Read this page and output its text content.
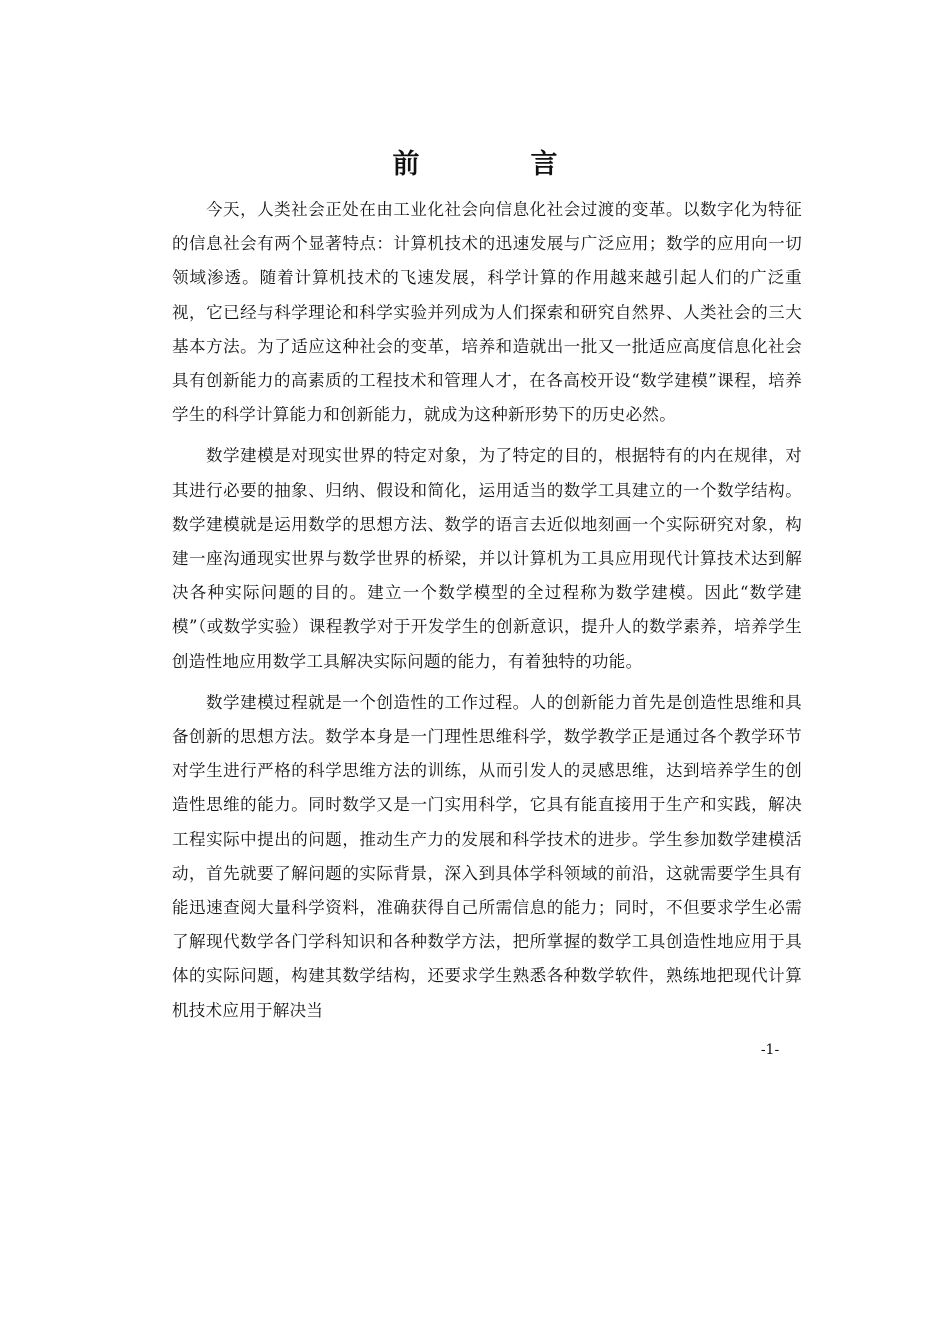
前　言

今天，人类社会正处在由工业化社会向信息化社会过渡的变革。以数字化为特征的信息社会有两个显著特点：计算机技术的迅速发展与广泛应用；数学的应用向一切领域渗透。随着计算机技术的飞速发展，科学计算的作用越来越引起人们的广泛重视，它已经与科学理论和科学实验并列成为人们探索和研究自然界、人类社会的三大基本方法。为了适应这种社会的变革，培养和造就出一批又一批适应高度信息化社会具有创新能力的高素质的工程技术和管理人才，在各高校开设“数学建模”课程，培养学生的科学计算能力和创新能力，就成为这种新形势下的历史必然。

数学建模是对现实世界的特定对象，为了特定的目的，根据特有的内在规律，对其进行必要的抽象、归纳、假设和简化，运用适当的数学工具建立的一个数学结构。数学建模就是运用数学的思想方法、数学的语言去近似地刻画一个实际研究对象，构建一座沟通现实世界与数学世界的桥梁，并以计算机为工具应用现代计算技术达到解决各种实际问题的目的。建立一个数学模型的全过程称为数学建模。因此“数学建模”（或数学实验）课程教学对于开发学生的创新意识，提升人的数学素养，培养学生创造性地应用数学工具解决实际问题的能力，有着独特的功能。

数学建模过程就是一个创造性的工作过程。人的创新能力首先是创造性思维和具备创新的思想方法。数学本身是一门理性思维科学，数学教学正是通过各个教学环节对学生进行严格的科学思维方法的训练，从而引发人的灵感思维，达到培养学生的创造性思维的能力。同时数学又是一门实用科学，它具有能直接用于生产和实践，解决工程实际中提出的问题，推动生产力的发展和科学技术的进步。学生参加数学建模活动，首先就要了解问题的实际背景，深入到具体学科领域的前沿，这就需要学生具有能迅速查阅大量科学资料，准确获得自己所需信息的能力；同时，不但要求学生必需了解现代数学各门学科知识和各种数学方法，把所掌握的数学工具创造性地应用于具体的实际问题，构建其数学结构，还要求学生熟悉各种数学软件，熟练地把现代计算机技术应用于解决当

-1-
